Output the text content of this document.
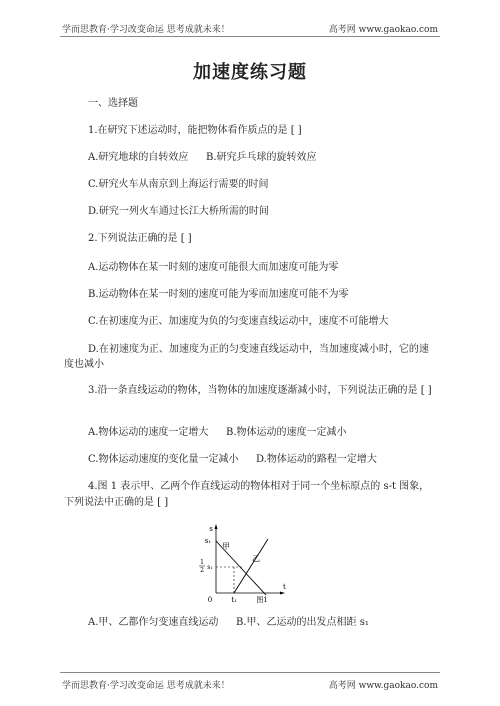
学而思教育·学习改变命运 思考成就未来！	高考网 www.gaokao.com
加速度练习题
一、选择题
1.在研究下述运动时，能把物体看作质点的是 [ ]
A.研究地球的自转效应 B.研究乒乓球的旋转效应
C.研究火车从南京到上海运行需要的时间
D.研究一列火车通过长江大桥所需的时间
2.下列说法正确的是 [ ]
A.运动物体在某一时刻的速度可能很大而加速度可能为零
B.运动物体在某一时刻的速度可能为零而加速度可能不为零
C.在初速度为正、加速度为负的匀变速直线运动中，速度不可能增大
D.在初速度为正、加速度为正的匀变速直线运动中，当加速度减小时，它的速度也减小
3.沿一条直线运动的物体，当物体的加速度逐渐减小时，下列说法正确的是 [ ]
A.物体运动的速度一定增大 B.物体运动的速度一定减小
C.物体运动速度的变化量一定减小 D.物体运动的路程一定增大
4.图 1 表示甲、乙两个作直线运动的物体相对于同一个坐标原点的 s-t 图象，下列说法中正确的是 [ ]
s
t
s₁
1
2 s₁
0	t₁
甲
乙
图1
A.甲、乙都作匀变速直线运动 B.甲、乙运动的出发点相距 s₁
学而思教育·学习改变命运 思考成就未来！	高考网 www.gaokao.com
